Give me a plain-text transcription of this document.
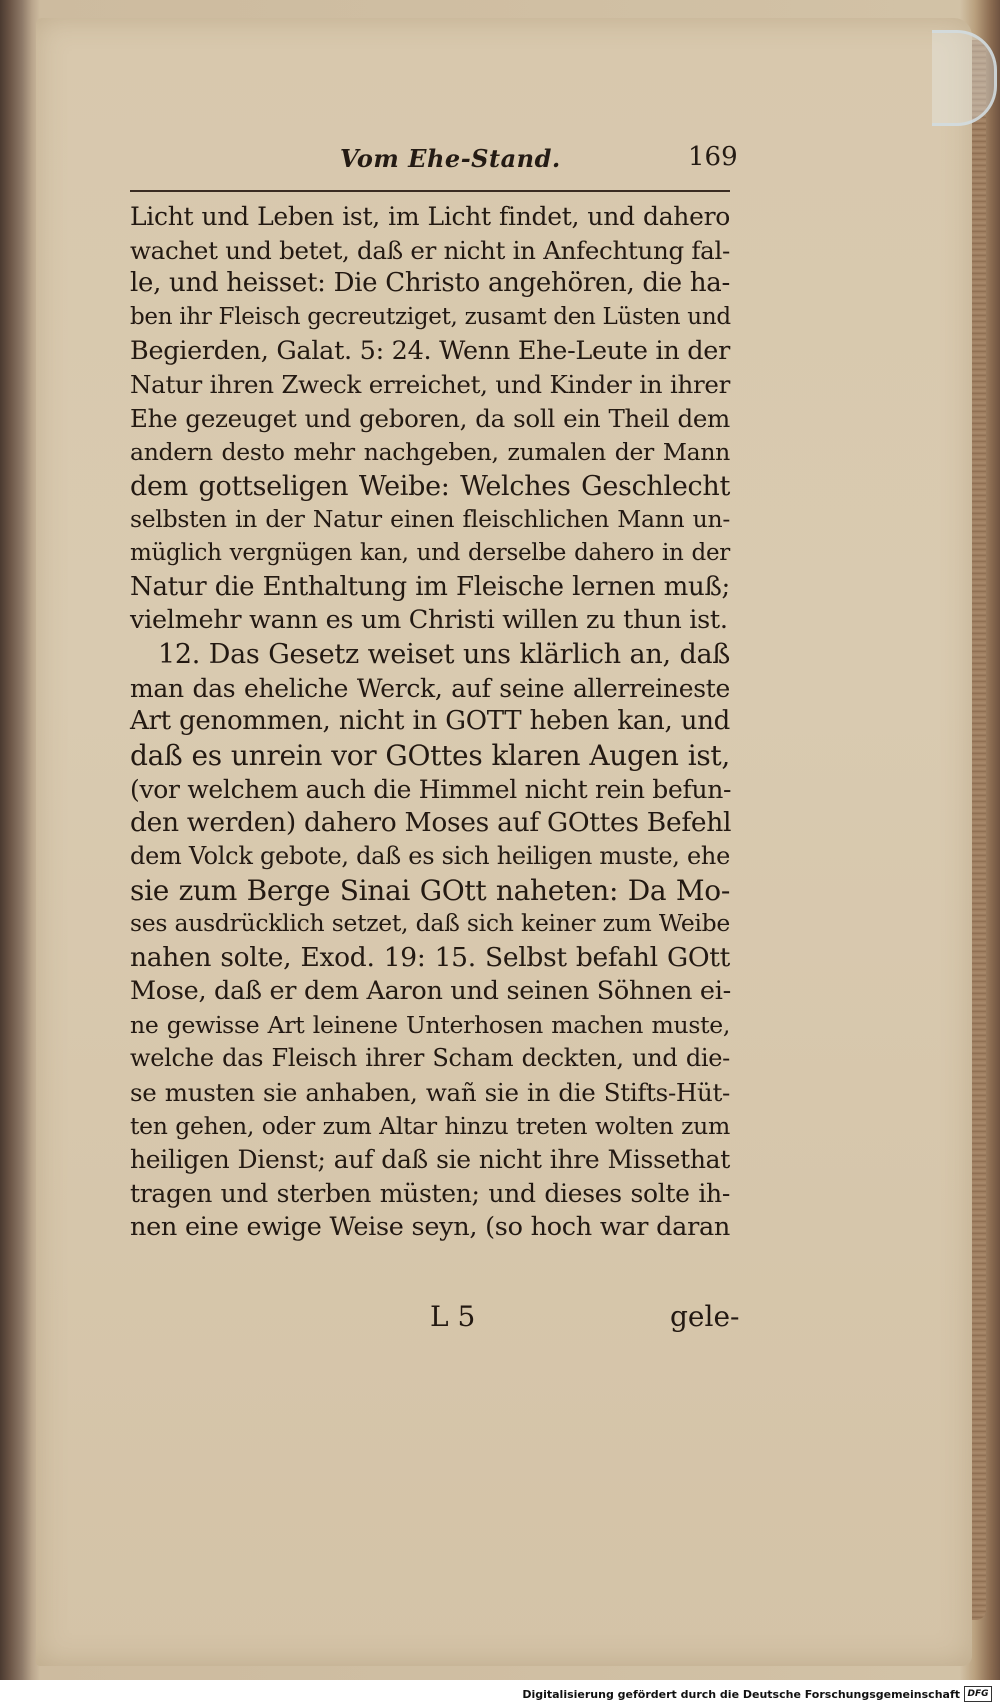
Vom Ehe-Stand.	169
Licht und Leben ist, im Licht findet, und dahero
wachet und betet, daß er nicht in Anfechtung fal-
le, und heisset: Die Christo angehören, die ha-
ben ihr Fleisch gecreutziget, zusamt den Lüsten und
Begierden, Galat. 5: 24. Wenn Ehe-Leute in der
Natur ihren Zweck erreichet, und Kinder in ihrer
Ehe gezeuget und geboren, da soll ein Theil dem
andern desto mehr nachgeben, zumalen der Mann
dem gottseligen Weibe: Welches Geschlecht
selbsten in der Natur einen fleischlichen Mann un-
müglich vergnügen kan, und derselbe dahero in der
Natur die Enthaltung im Fleische lernen muß;
vielmehr wann es um Christi willen zu thun ist.
12. Das Gesetz weiset uns klärlich an, daß
man das eheliche Werck, auf seine allerreineste
Art genommen, nicht in GOTT heben kan, und
daß es unrein vor GOttes klaren Augen ist,
(vor welchem auch die Himmel nicht rein befun-
den werden) dahero Moses auf GOttes Befehl
dem Volck gebote, daß es sich heiligen muste, ehe
sie zum Berge Sinai GOtt naheten: Da Mo-
ses ausdrücklich setzet, daß sich keiner zum Weibe
nahen solte, Exod. 19: 15. Selbst befahl GOtt
Mose, daß er dem Aaron und seinen Söhnen ei-
ne gewisse Art leinene Unterhosen machen muste,
welche das Fleisch ihrer Scham deckten, und die-
se musten sie anhaben, wañ sie in die Stifts-Hüt-
ten gehen, oder zum Altar hinzu treten wolten zum
heiligen Dienst; auf daß sie nicht ihre Missethat
tragen und sterben müsten; und dieses solte ih-
nen eine ewige Weise seyn, (so hoch war daran
L 5	gele-
Digitalisierung gefördert durch die Deutsche Forschungsgemeinschaft DFG
